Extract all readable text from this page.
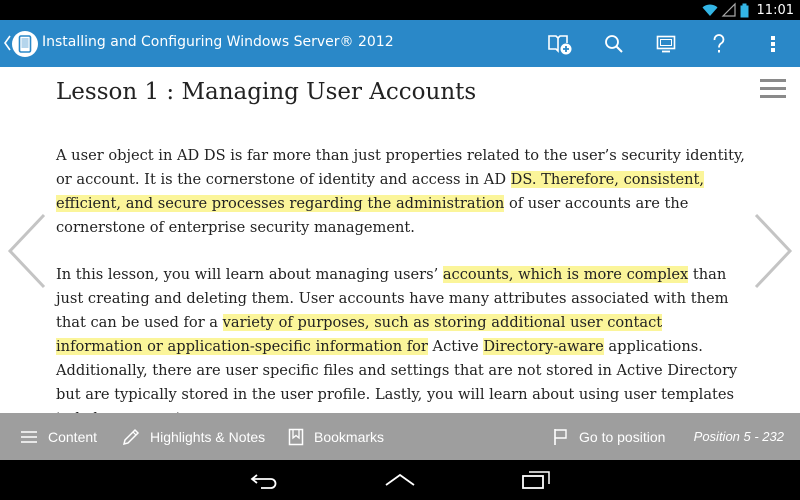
11:01
Installing and Configuring Windows Server® 2012
Lesson 1 : Managing User Accounts

A user object in AD DS is far more than just properties related to the user’s security identity, or account. It is the cornerstone of identity and access in AD DS. Therefore, consistent, efficient, and secure processes regarding the administration of user accounts are the cornerstone of enterprise security management.

In this lesson, you will learn about managing users’ accounts, which is more complex than just creating and deleting them. User accounts have many attributes associated with them that can be used for a variety of purposes, such as storing additional user contact information or application-specific information for Active Directory-aware applications. Additionally, there are user specific files and settings that are not stored in Active Directory but are typically stored in the user profile. Lastly, you will learn about using user templates

Content	Highlights & Notes	Bookmarks	Go to position Position 5 - 232
